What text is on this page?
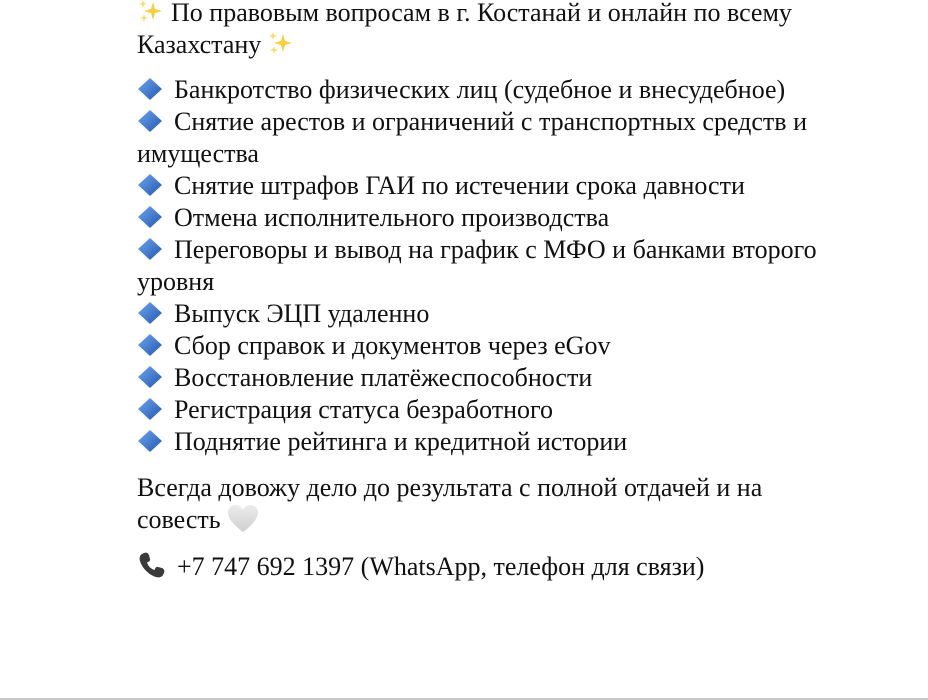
По правовым вопросам в г. Костанай и онлайн по всему Казахстану

Банкротство физических лиц (судебное и внесудебное)
Снятие арестов и ограничений с транспортных средств и имущества
Снятие штрафов ГАИ по истечении срока давности
Отмена исполнительного производства
Переговоры и вывод на график с МФО и банками второго уровня
Выпуск ЭЦП удаленно
Сбор справок и документов через eGov
Восстановление платёжеспособности
Регистрация статуса безработного
Поднятие рейтинга и кредитной истории

Всегда довожу дело до результата с полной отдачей и на совесть

+7 747 692 1397 (WhatsApp, телефон для связи)
